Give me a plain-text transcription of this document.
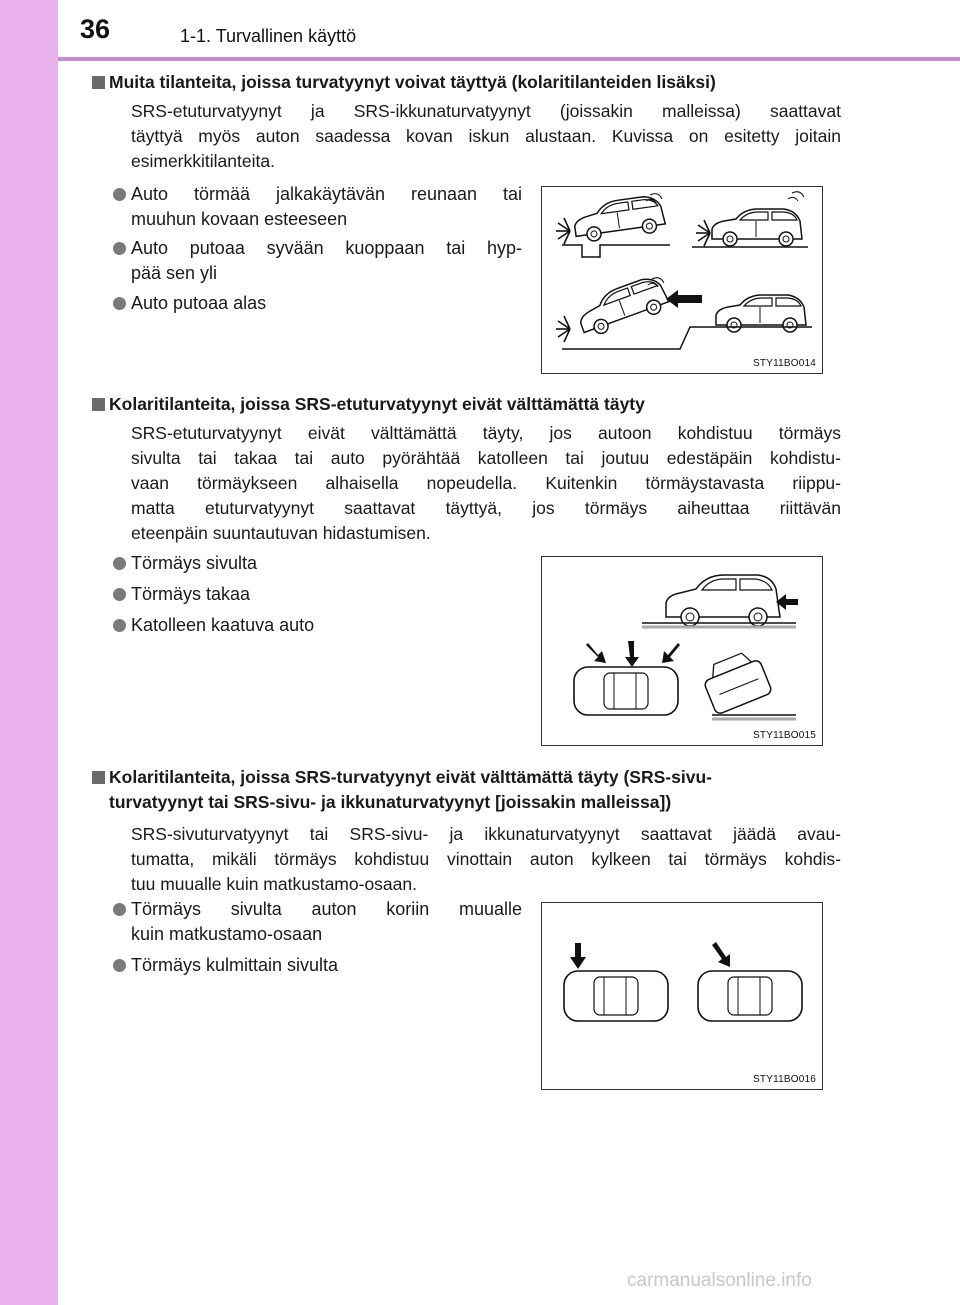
36	1-1. Turvallinen käyttö
Muita tilanteita, joissa turvatyynyt voivat täyttyä (kolaritilanteiden lisäksi)
SRS-etuturvatyynyt ja SRS-ikkunaturvatyynyt (joissakin malleissa) saattavat
täyttyä myös auton saadessa kovan iskun alustaan. Kuvissa on esitetty joitain
esimerkkitilanteita.
Auto törmää jalkakäytävän reunaan tai
muuhun kovaan esteeseen
Auto putoaa syvään kuoppaan tai hyp-
pää sen yli
Auto putoaa alas
STY11BO014
Kolaritilanteita, joissa SRS-etuturvatyynyt eivät välttämättä täyty
SRS-etuturvatyynyt eivät välttämättä täyty, jos autoon kohdistuu törmäys
sivulta tai takaa tai auto pyörähtää katolleen tai joutuu edestäpäin kohdistu-
vaan törmäykseen alhaisella nopeudella. Kuitenkin törmäystavasta riippu-
matta etuturvatyynyt saattavat täyttyä, jos törmäys aiheuttaa riittävän
eteenpäin suuntautuvan hidastumisen.
Törmäys sivulta
Törmäys takaa
Katolleen kaatuva auto
STY11BO015
Kolaritilanteita, joissa SRS-turvatyynyt eivät välttämättä täyty (SRS-sivu-
turvatyynyt tai SRS-sivu- ja ikkunaturvatyynyt [joissakin malleissa])
SRS-sivuturvatyynyt tai SRS-sivu- ja ikkunaturvatyynyt saattavat jäädä avau-
tumatta, mikäli törmäys kohdistuu vinottain auton kylkeen tai törmäys kohdis-
tuu muualle kuin matkustamo-osaan.
Törmäys sivulta auton koriin muualle
kuin matkustamo-osaan
Törmäys kulmittain sivulta
STY11BO016
carmanualsonline.info
